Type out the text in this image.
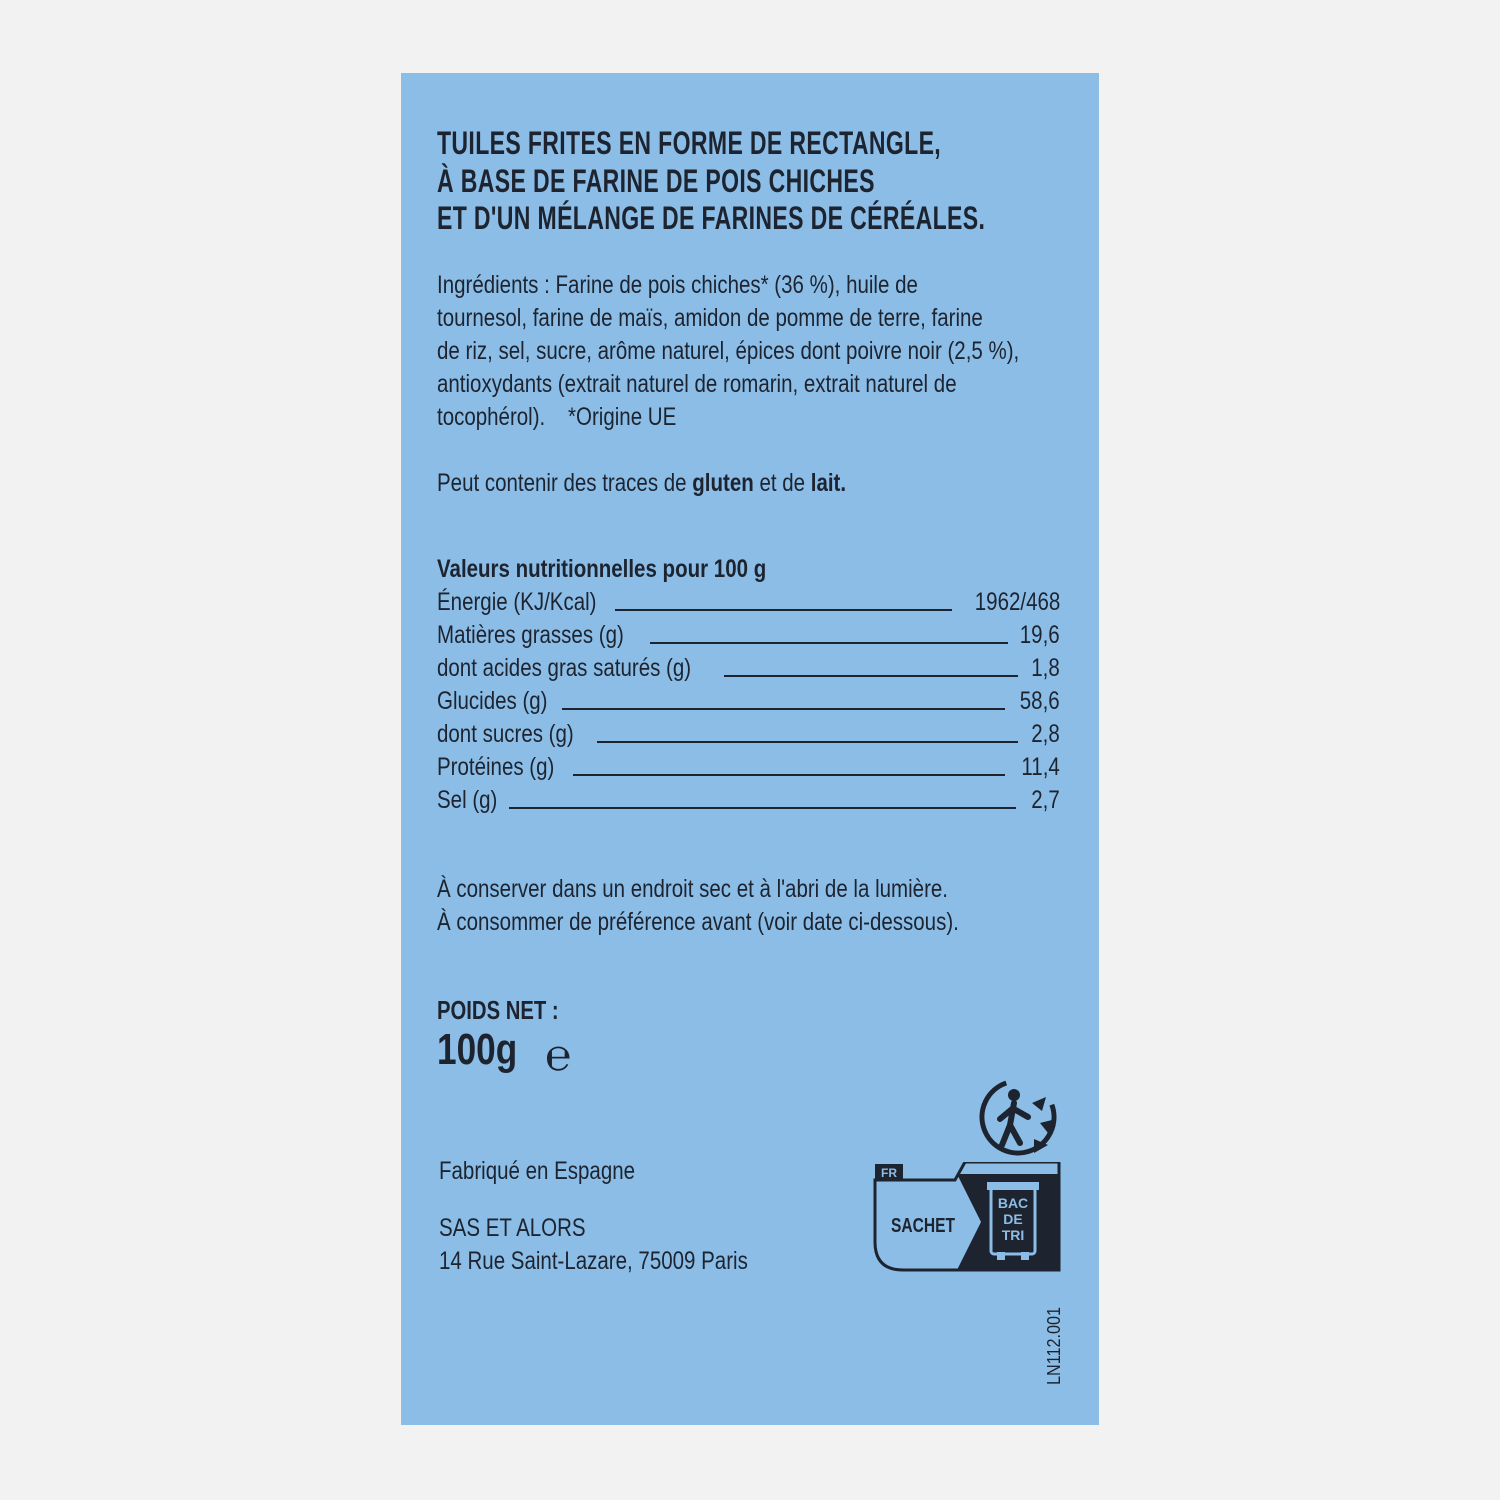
TUILES FRITES EN FORME DE RECTANGLE,
À BASE DE FARINE DE POIS CHICHES
ET D'UN MÉLANGE DE FARINES DE CÉRÉALES.
Ingrédients : Farine de pois chiches* (36 %), huile de
tournesol, farine de maïs, amidon de pomme de terre, farine
de riz, sel, sucre, arôme naturel, épices dont poivre noir (2,5 %),
antioxydants (extrait naturel de romarin, extrait naturel de
tocophérol).    *Origine UE
Peut contenir des traces de gluten et de lait.
Valeurs nutritionnelles pour 100 g
Énergie (KJ/Kcal)	1962/468
Matières grasses (g)	19,6
dont acides gras saturés (g)	1,8
Glucides (g)	58,6
dont sucres (g)	2,8
Protéines (g)	11,4
Sel (g)	2,7
À conserver dans un endroit sec et à l'abri de la lumière.
À consommer de préférence avant (voir date ci-dessous).
POIDS NET :
100g ℮
Fabriqué en Espagne
SAS ET ALORS
14 Rue Saint-Lazare, 75009 Paris
FR
SACHET
BAC
DE
TRI
LN112.001
